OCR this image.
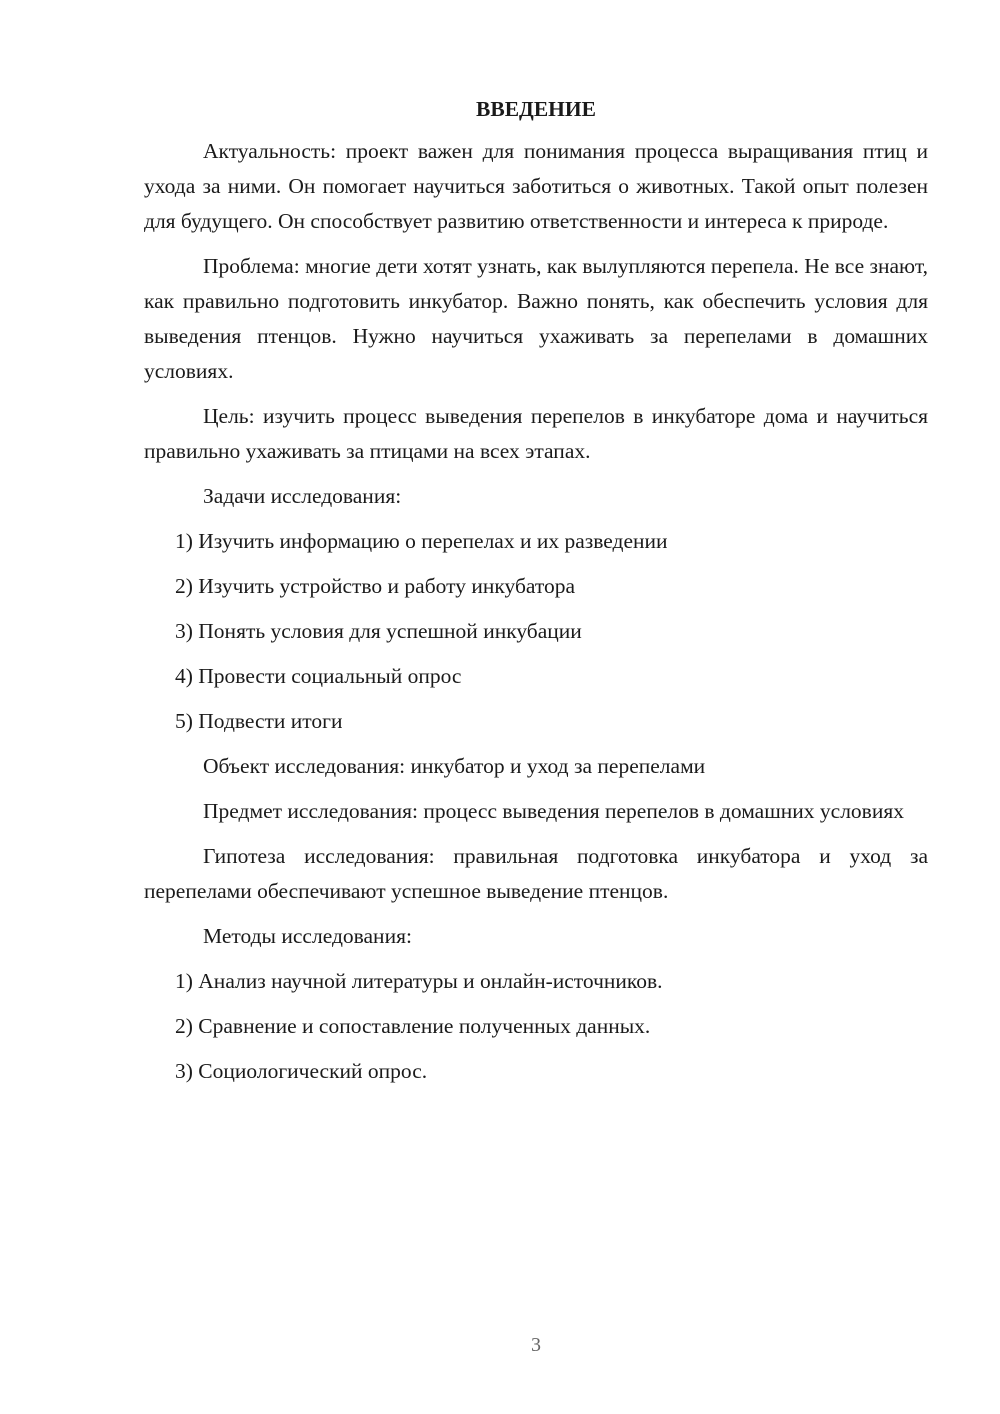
ВВЕДЕНИЕ

Актуальность: проект важен для понимания процесса выращивания птиц и ухода за ними. Он помогает научиться заботиться о животных. Такой опыт полезен для будущего. Он способствует развитию ответственности и интереса к природе.

Проблема: многие дети хотят узнать, как вылупляются перепела. Не все знают, как правильно подготовить инкубатор. Важно понять, как обеспечить условия для выведения птенцов. Нужно научиться ухаживать за перепелами в домашних условиях.

Цель: изучить процесс выведения перепелов в инкубаторе дома и научиться правильно ухаживать за птицами на всех этапах.

Задачи исследования:

1) Изучить информацию о перепелах и их разведении

2) Изучить устройство и работу инкубатора

3) Понять условия для успешной инкубации

4) Провести социальный опрос

5) Подвести итоги

Объект исследования: инкубатор и уход за перепелами

Предмет исследования: процесс выведения перепелов в домашних условиях

Гипотеза исследования: правильная подготовка инкубатора и уход за перепелами обеспечивают успешное выведение птенцов.

Методы исследования:

1) Анализ научной литературы и онлайн-источников.

2) Сравнение и сопоставление полученных данных.

3) Социологический опрос.

3
